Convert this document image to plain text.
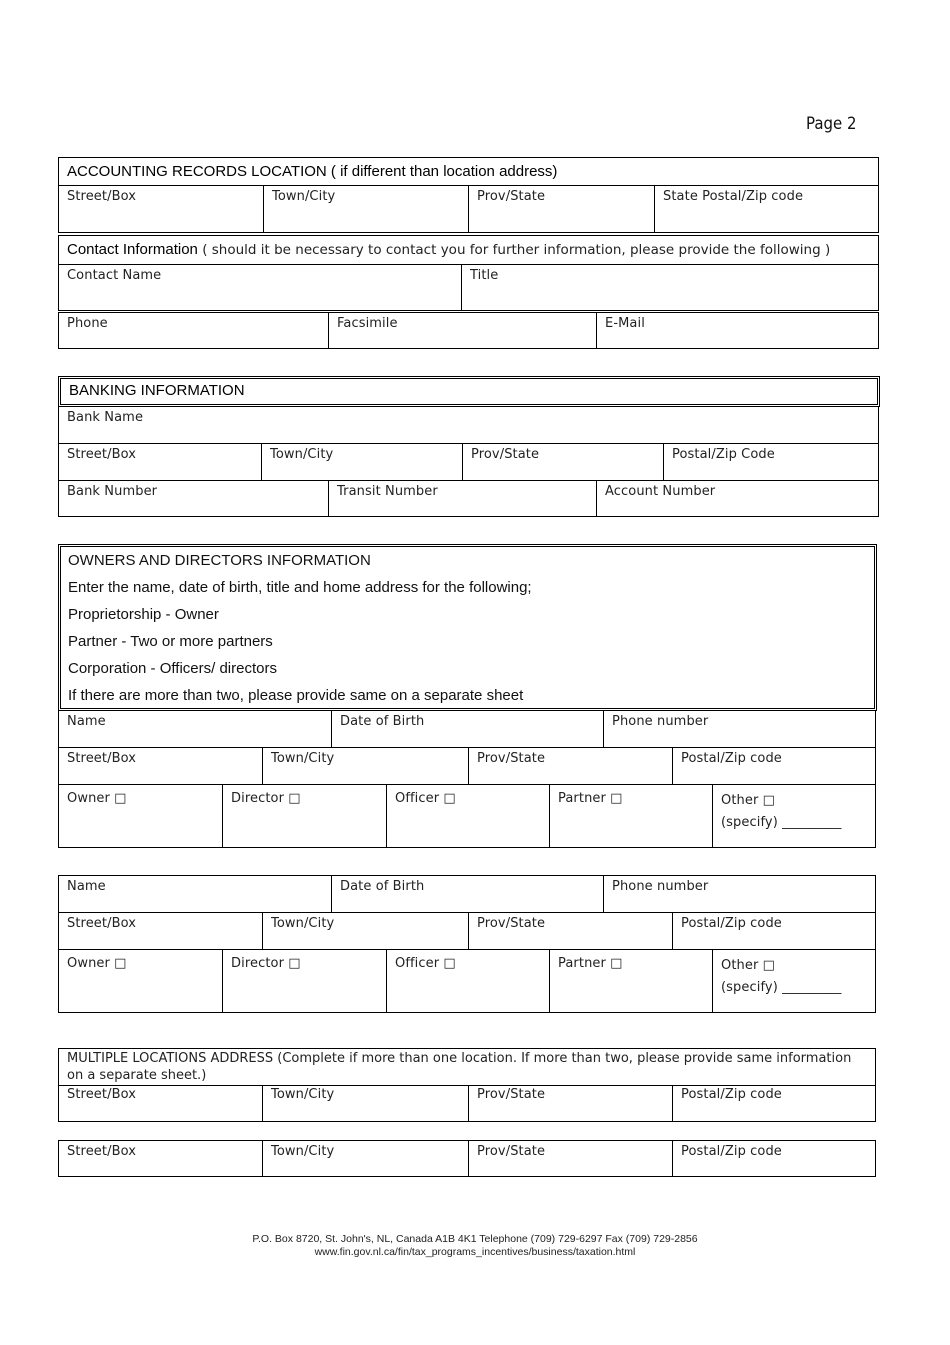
Page 2
ACCOUNTING RECORDS LOCATION ( if different than location address)
Street/Box	Town/City	Prov/State	State Postal/Zip code
Contact Information ( should it be necessary to contact you for further information, please provide the following )
Contact Name	Title
Phone	Facsimile	E-Mail
BANKING INFORMATION
Bank Name
Street/Box	Town/City	Prov/State	Postal/Zip Code
Bank Number	Transit Number	Account Number
OWNERS AND DIRECTORS INFORMATION
Enter the name, date of birth, title and home address for the following;
Proprietorship - Owner
Partner - Two or more partners
Corporation - Officers/ directors
If there are more than two, please provide same on a separate sheet
Name	Date of Birth	Phone number
Street/Box	Town/City	Prov/State	Postal/Zip code
Owner □	Director □	Officer □	Partner □	Other □
(specify) _________
Name	Date of Birth	Phone number
Street/Box	Town/City	Prov/State	Postal/Zip code
Owner □	Director □	Officer □	Partner □	Other □
(specify) _________
MULTIPLE LOCATIONS ADDRESS (Complete if more than one location. If more than two, please provide same information on a separate sheet.)
Street/Box	Town/City	Prov/State	Postal/Zip code
Street/Box	Town/City	Prov/State	Postal/Zip code
P.O. Box 8720, St. John's, NL, Canada A1B 4K1 Telephone (709) 729-6297 Fax (709) 729-2856
www.fin.gov.nl.ca/fin/tax_programs_incentives/business/taxation.html
